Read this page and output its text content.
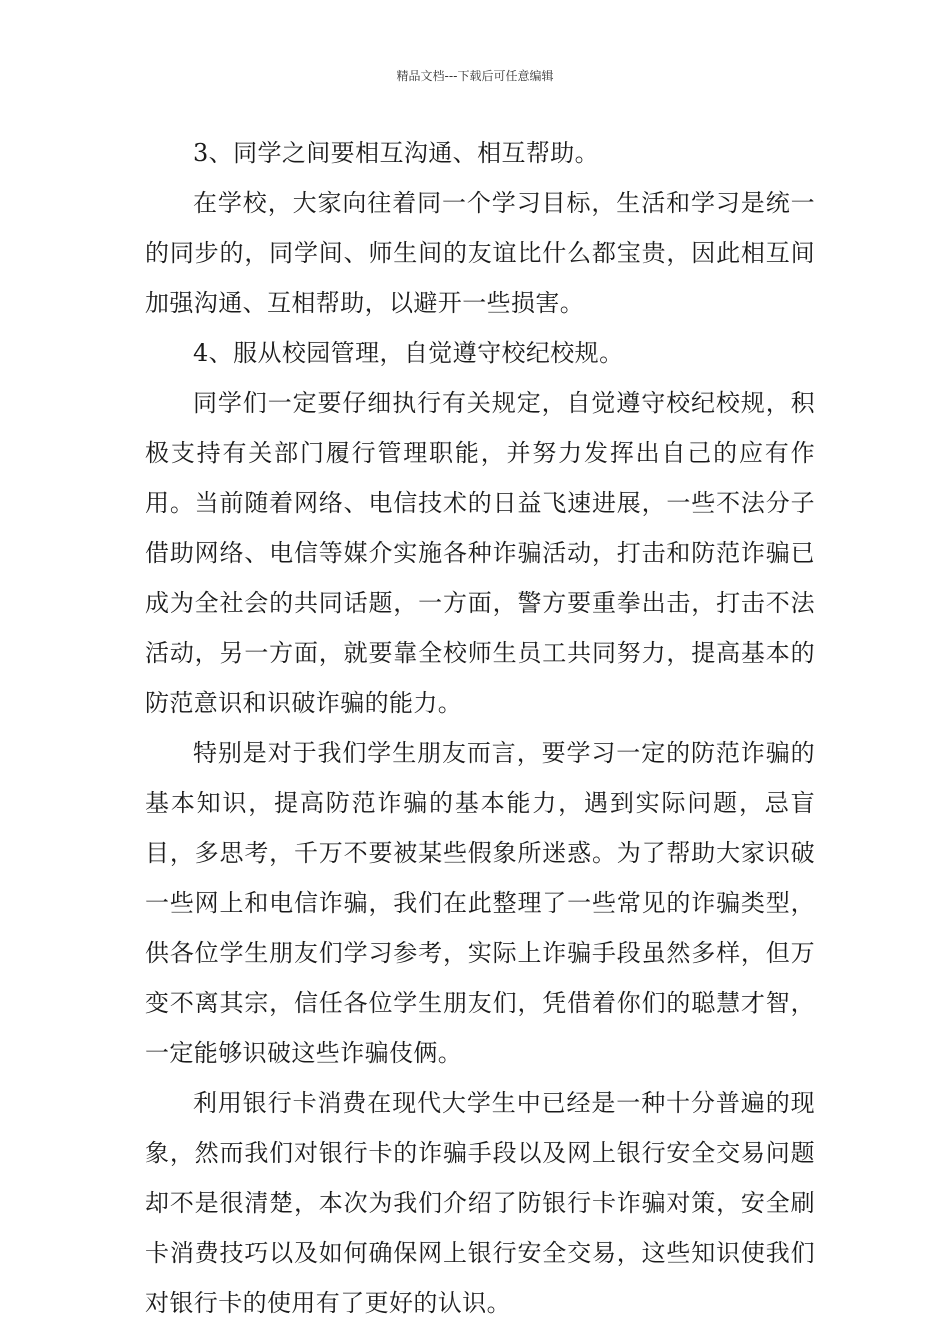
精品文档---下载后可任意编辑

3、同学之间要相互沟通、相互帮助。

在学校，大家向往着同一个学习目标，生活和学习是统一的同步的，同学间、师生间的友谊比什么都宝贵，因此相互间加强沟通、互相帮助，以避开一些损害。

4、服从校园管理，自觉遵守校纪校规。

同学们一定要仔细执行有关规定，自觉遵守校纪校规，积极支持有关部门履行管理职能，并努力发挥出自己的应有作用。当前随着网络、电信技术的日益飞速进展，一些不法分子借助网络、电信等媒介实施各种诈骗活动，打击和防范诈骗已成为全社会的共同话题，一方面，警方要重拳出击，打击不法活动，另一方面，就要靠全校师生员工共同努力，提高基本的防范意识和识破诈骗的能力。

特别是对于我们学生朋友而言，要学习一定的防范诈骗的基本知识，提高防范诈骗的基本能力，遇到实际问题，忌盲目，多思考，千万不要被某些假象所迷惑。为了帮助大家识破一些网上和电信诈骗，我们在此整理了一些常见的诈骗类型，供各位学生朋友们学习参考，实际上诈骗手段虽然多样，但万变不离其宗，信任各位学生朋友们，凭借着你们的聪慧才智，一定能够识破这些诈骗伎俩。

利用银行卡消费在现代大学生中已经是一种十分普遍的现象，然而我们对银行卡的诈骗手段以及网上银行安全交易问题却不是很清楚，本次为我们介绍了防银行卡诈骗对策，安全刷卡消费技巧以及如何确保网上银行安全交易，这些知识使我们对银行卡的使用有了更好的认识。
